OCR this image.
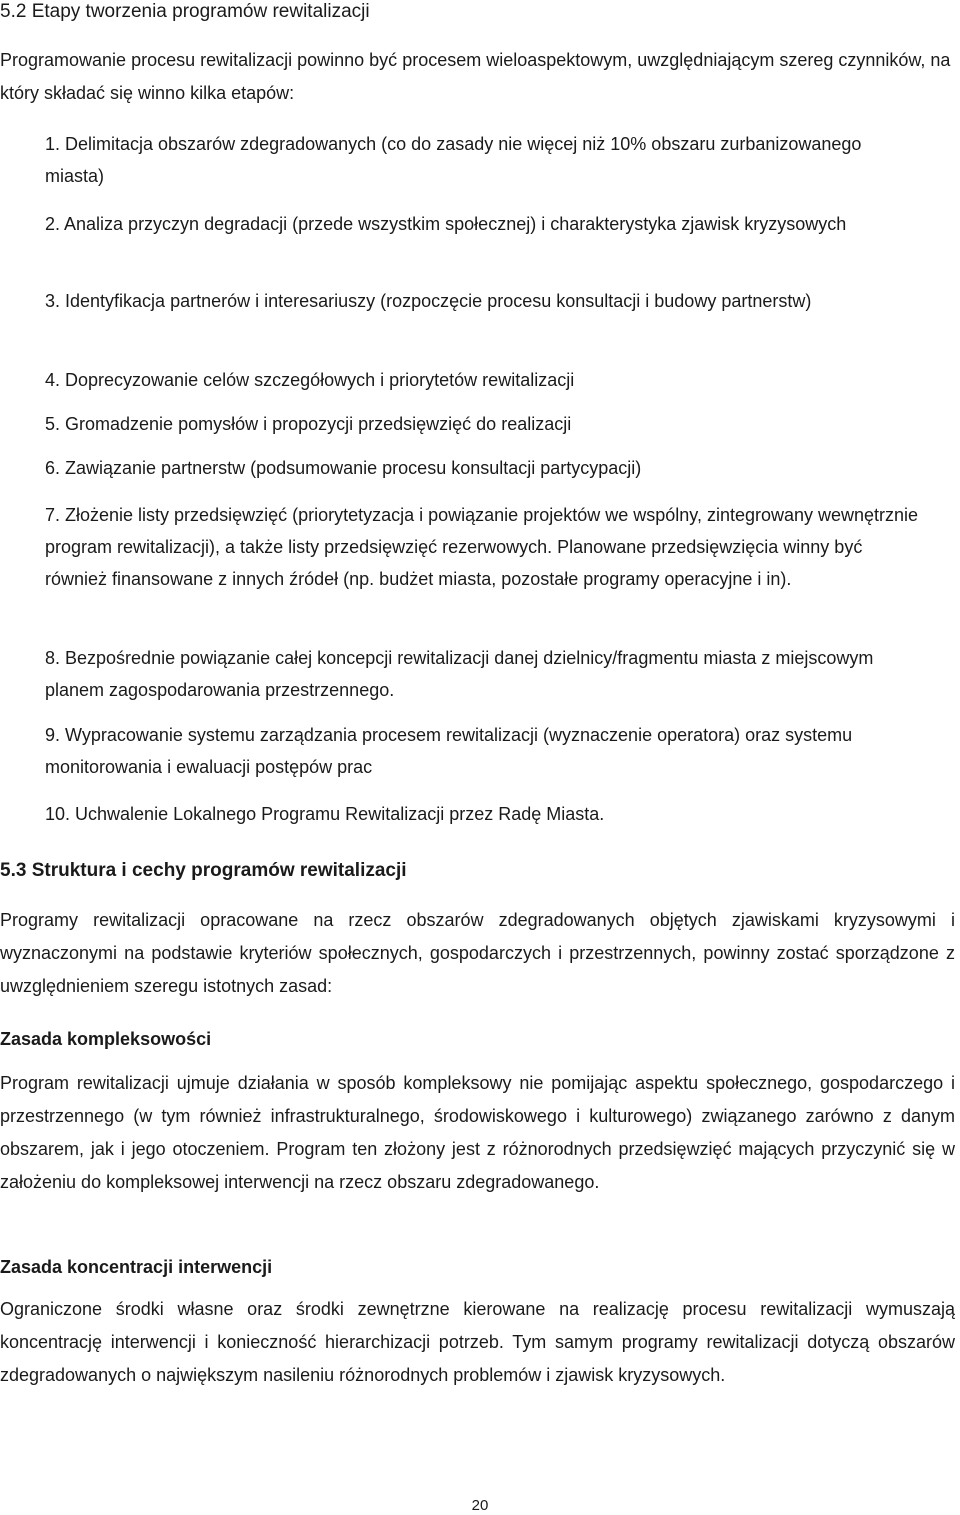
5.2 Etapy tworzenia programów rewitalizacji

Programowanie procesu rewitalizacji powinno być procesem wieloaspektowym, uwzględniającym szereg czynników, na który składać się winno kilka etapów:

1. Delimitacja obszarów zdegradowanych (co do zasady nie więcej niż 10% obszaru zurbanizowanego miasta)
2. Analiza przyczyn degradacji (przede wszystkim społecznej) i charakterystyka zjawisk kryzysowych
3. Identyfikacja partnerów i interesariuszy (rozpoczęcie procesu konsultacji i budowy partnerstw)
4. Doprecyzowanie celów szczegółowych i priorytetów rewitalizacji
5. Gromadzenie pomysłów i propozycji przedsięwzięć do realizacji
6. Zawiązanie partnerstw (podsumowanie procesu konsultacji partycypacji)
7. Złożenie listy przedsięwzięć (priorytetyzacja i powiązanie projektów we wspólny, zintegrowany wewnętrznie program rewitalizacji), a także listy przedsięwzięć rezerwowych. Planowane przedsięwzięcia winny być również finansowane z innych źródeł (np. budżet miasta, pozostałe programy operacyjne i in).
8. Bezpośrednie powiązanie całej koncepcji rewitalizacji danej dzielnicy/fragmentu miasta z miejscowym planem zagospodarowania przestrzennego.
9. Wypracowanie systemu zarządzania procesem rewitalizacji (wyznaczenie operatora) oraz systemu monitorowania i ewaluacji postępów prac
10. Uchwalenie Lokalnego Programu Rewitalizacji przez Radę Miasta.
5.3 Struktura i cechy programów rewitalizacji

Programy rewitalizacji opracowane na rzecz obszarów zdegradowanych objętych zjawiskami kryzysowymi i wyznaczonymi na podstawie kryteriów społecznych, gospodarczych i przestrzennych, powinny zostać sporządzone z uwzględnieniem szeregu istotnych zasad:

Zasada kompleksowości

Program rewitalizacji ujmuje działania w sposób kompleksowy nie pomijając aspektu społecznego, gospodarczego i przestrzennego (w tym również infrastrukturalnego, środowiskowego i kulturowego) związanego zarówno z danym obszarem, jak i jego otoczeniem. Program ten złożony jest z różnorodnych przedsięwzięć mających przyczynić się w założeniu do kompleksowej interwencji na rzecz obszaru zdegradowanego.

Zasada koncentracji interwencji

Ograniczone środki własne oraz środki zewnętrzne kierowane na realizację procesu rewitalizacji wymuszają koncentrację interwencji i konieczność hierarchizacji potrzeb. Tym samym programy rewitalizacji dotyczą obszarów zdegradowanych o największym nasileniu różnorodnych problemów i zjawisk kryzysowych.

20
